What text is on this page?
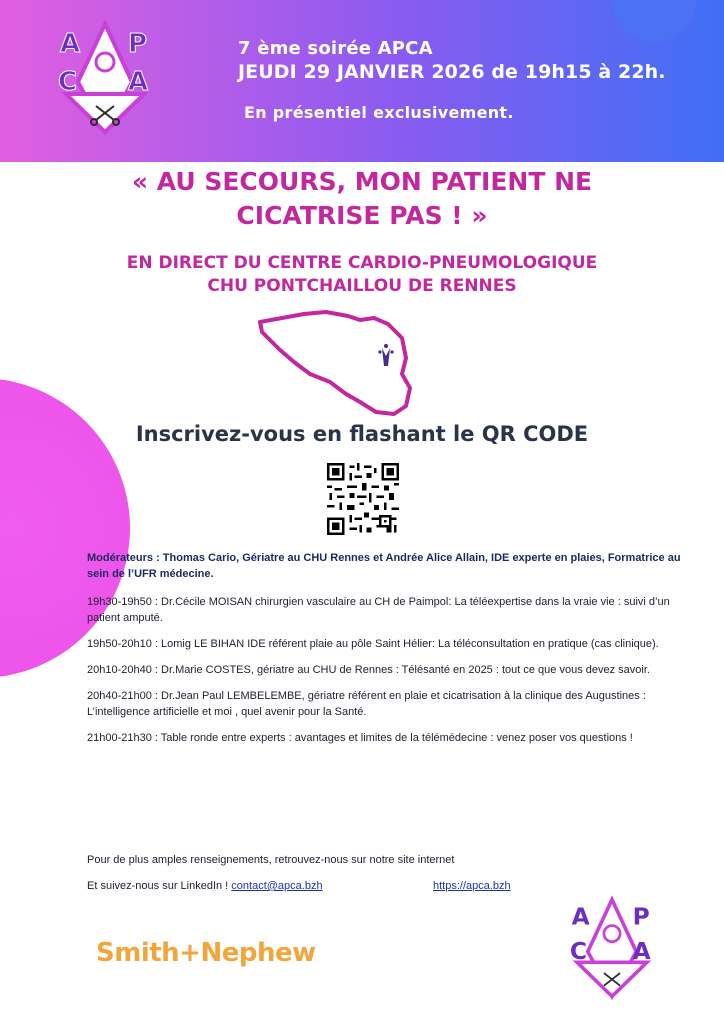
A P
C A
7 ème soirée APCA
JEUDI 29 JANVIER 2026 de 19h15 à 22h.
En présentiel exclusivement.
« AU SECOURS, MON PATIENT NE
CICATRISE PAS ! »
EN DIRECT DU CENTRE CARDIO-PNEUMOLOGIQUE
CHU PONTCHAILLOU DE RENNES
Inscrivez-vous en flashant le QR CODE

Modérateurs : Thomas Cario, Gériatre au CHU Rennes et Andrée Alice Allain, IDE experte en plaies, Formatrice au sein de l’UFR médecine.

19h30-19h50 : Dr.Cécile MOISAN chirurgien vasculaire au CH de Paimpol: La téléexpertise dans la vraie vie : suivi d’un patient amputé.

19h50-20h10 : Lomig LE BIHAN IDE référent plaie au pôle Saint Hélier: La téléconsultation en pratique (cas clinique).

20h10-20h40 : Dr.Marie COSTES, gériatre au CHU de Rennes : Télésanté en 2025 : tout ce que vous devez savoir.

20h40-21h00 : Dr.Jean Paul LEMBELEMBE, gériatre référent en plaie et cicatrisation à la clinique des Augustines : L’intelligence artificielle et moi , quel avenir pour la Santé.

21h00-21h30 : Table ronde entre experts : avantages et limites de la télémédecine : venez poser vos questions !

Pour de plus amples renseignements, retrouvez-nous sur notre site internet

Et suivez-nous sur LinkedIn ! contact@apca.bzh	https://apca.bzh

Smith+Nephew
A P
C A
